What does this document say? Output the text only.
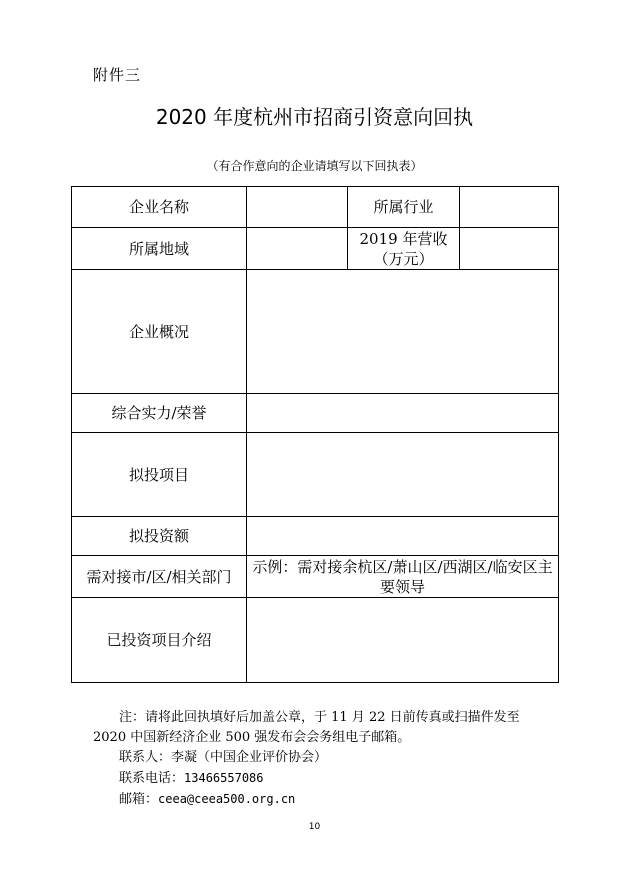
附件三
2020 年度杭州市招商引资意向回执
（有合作意向的企业请填写以下回执表）
企业名称		所属行业	
所属地域		2019 年营收
（万元）	

企业概况			
综合实力/荣誉			
拟投项目			
拟投资额			
需对接市/区/相关部门	示例：需对接余杭区/萧山区/西湖区/临安区主要领导		
已投资项目介绍			

注：请将此回执填好后加盖公章，于 11 月 22 日前传真或扫描件发至 2020 中国新经济企业 500 强发布会会务组电子邮箱。

联系人：李凝（中国企业评价协会）

联系电话：13466557086

邮箱：ceea@ceea500.org.cn

10
